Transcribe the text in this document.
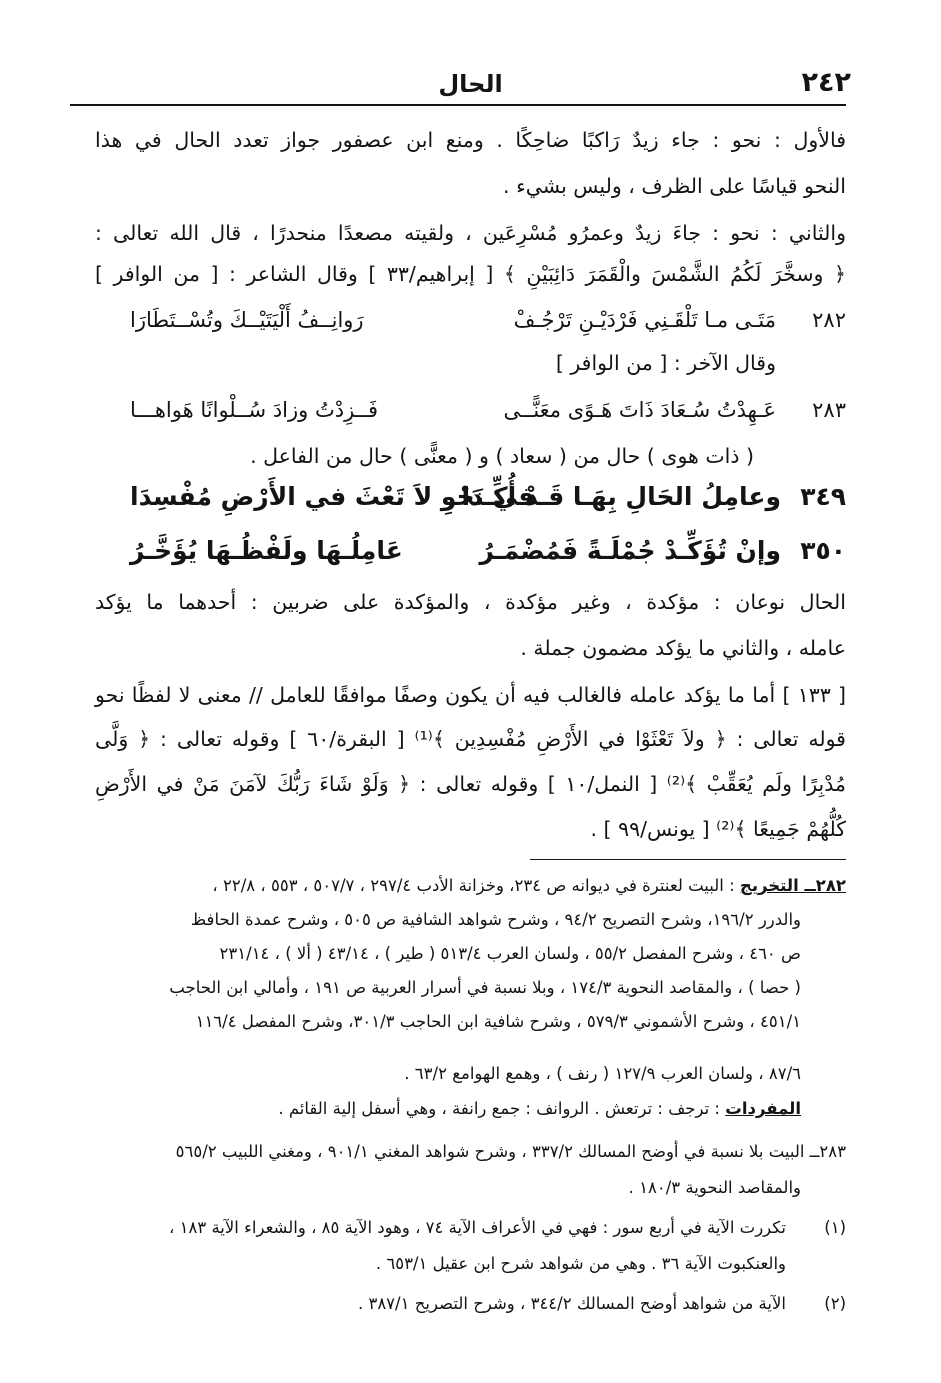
٢٤٢
الحال
فالأول : نحو : جاء زيدٌ رَاكبًا ضاحِكًا . ومنع ابن عصفور جواز تعدد الحال في هذا
النحو قياسًا على الظرف ، وليس بشيء .
والثاني : نحو : جاءَ زيدٌ وعمرُو مُسْرِعَين ، ولقيته مصعدًا منحدرًا ، قال الله تعالى :
﴿ وسخَّرَ لَكُمُ الشَّمْسَ والْقَمَرَ دَائِبَيْنِ ﴾ [ إبراهيم/٣٣ ] وقال الشاعر : [ من الوافر ]
٢٨٢
مَتَـى مـا تَلْقَـنِي فَرْدَيْـنِ تَرْجُـفْ
رَوانِــفُ أَلْيَتَيْــكَ وتُسْــتَطَارَا
وقال الآخر : [ من الوافر ]
٢٨٣
عَـهِدْتُ سُـعَادَ ذَاتَ هَـوًى معَنًّــى
فَــزِدْتُ وزادَ سُــلْوانًا هَواهـــا
( ذات هوى ) حال من ( سعاد ) و ( معنًّى ) حال من الفاعل .
٣٤٩
وعامِلُ الحَالِ بِهَـا قَـدْ أُكِّـدَا
في نَحْوِ لاَ تَعْثَ في الأَرْضِ مُفْسِدَا
٣٥٠
وإنْ تُؤَكِّـدْ جُمْلَـةً فَمُضْمَـرُ
عَامِلُـهَا ولَفْظُـهَا يُؤَخَّـرُ
الحال نوعان : مؤكدة ، وغير مؤكدة ، والمؤكدة على ضربين : أحدهما ما يؤكد
عامله ، والثاني ما يؤكد مضمون جملة .
[ ١٣٣ ] أما ما يؤكد عامله فالغالب فيه أن يكون وصفًا موافقًا للعامل // معنى لا لفظًا نحو
قوله تعالى : ﴿ ولاَ تَعْثَوْا في الأَرْضِ مُفْسِدِين ﴾⁽¹⁾ [ البقرة/٦٠ ] وقوله تعالى : ﴿ وَلَّى
مُدْبِرًا ولَم يُعَقِّبْ ﴾⁽²⁾ [ النمل/١٠ ] وقوله تعالى : ﴿ وَلَوْ شَاءَ رَبُّكَ لآمَنَ مَنْ في الأَرْضِ
كُلُّهُمْ جَمِيعًا ﴾⁽²⁾ [ يونس/٩٩ ] .
٢٨٢ــ التخريج : البيت لعنترة في ديوانه ص ٢٣٤، وخزانة الأدب ٢٩٧/٤ ، ٥٠٧/٧ ، ٥٥٣ ، ٢٢/٨ ،
والدرر ١٩٦/٢، وشرح التصريح ٩٤/٢ ، وشرح شواهد الشافية ص ٥٠٥ ، وشرح عمدة الحافظ
ص ٤٦٠ ، وشرح المفصل ٥٥/٢ ، ولسان العرب ٥١٣/٤ ( طير ) ، ٤٣/١٤ ( ألا ) ، ٢٣١/١٤
( حصا ) ، والمقاصد النحوية ١٧٤/٣ ، وبلا نسبة في أسرار العربية ص ١٩١ ، وأمالي ابن الحاجب
٤٥١/١ ، وشرح الأشموني ٥٧٩/٣ ، وشرح شافية ابن الحاجب ٣٠١/٣، وشرح المفصل ١١٦/٤
٨٧/٦ ، ولسان العرب ١٢٧/٩ ( رنف ) ، وهمع الهوامع ٦٣/٢ .
المفردات : ترجف : ترتعش . الروانف : جمع رانفة ، وهي أسفل إلية القائم .
٢٨٣ــ البيت بلا نسبة في أوضح المسالك ٣٣٧/٢ ، وشرح شواهد المغني ٩٠١/١ ، ومغني اللبيب ٥٦٥/٢
والمقاصد النحوية ١٨٠/٣ .
(١)
تكررت الآية في أربع سور : فهي في الأعراف الآية ٧٤ ، وهود الآية ٨٥ ، والشعراء الآية ١٨٣ ،
والعنكبوت الآية ٣٦ . وهي من شواهد شرح ابن عقيل ٦٥٣/١ .
(٢)
الآية من شواهد أوضح المسالك ٣٤٤/٢ ، وشرح التصريح ٣٨٧/١ .
